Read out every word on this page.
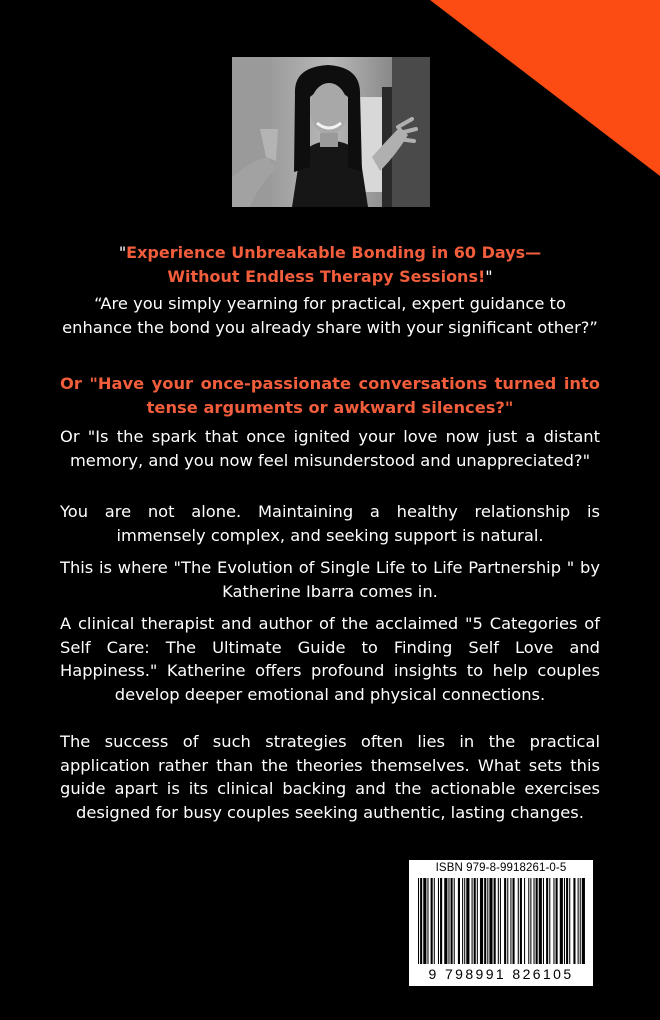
"Experience Unbreakable Bonding in 60 Days—
Without Endless Therapy Sessions!"

“Are you simply yearning for practical, expert guidance to enhance the bond you already share with your significant other?”

Or "Have your once-passionate conversations turned into tense arguments or awkward silences?"

Or "Is the spark that once ignited your love now just a distant memory, and you now feel misunderstood and unappreciated?"

You are not alone. Maintaining a healthy relationship is immensely complex, and seeking support is natural.

This is where "The Evolution of Single Life to Life Partnership " by Katherine Ibarra comes in.

A clinical therapist and author of the acclaimed "5 Categories of Self Care: The Ultimate Guide to Finding Self Love and Happiness." Katherine offers profound insights to help couples develop deeper emotional and physical connections.

The success of such strategies often lies in the practical application rather than the theories themselves. What sets this guide apart is its clinical backing and the actionable exercises designed for busy couples seeking authentic, lasting changes.

ISBN 979-8-9918261-0-5
9 798991 826105
